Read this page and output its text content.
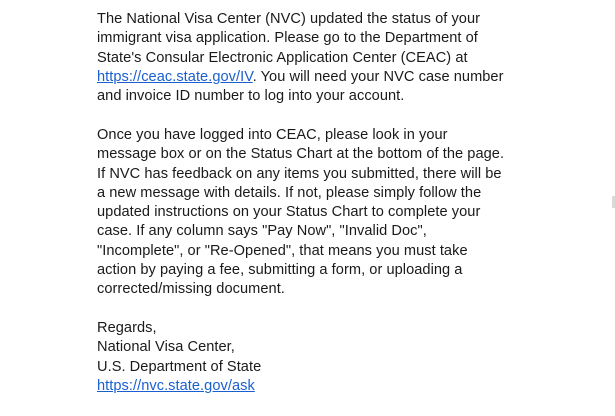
The National Visa Center (NVC) updated the status of your
immigrant visa application. Please go to the Department of
State's Consular Electronic Application Center (CEAC) at
https://ceac.state.gov/IV. You will need your NVC case number
and invoice ID number to log into your account.

Once you have logged into CEAC, please look in your
message box or on the Status Chart at the bottom of the page.
If NVC has feedback on any items you submitted, there will be
a new message with details. If not, please simply follow the
updated instructions on your Status Chart to complete your
case. If any column says "Pay Now", "Invalid Doc",
"Incomplete", or "Re-Opened", that means you must take
action by paying a fee, submitting a form, or uploading a
corrected/missing document.

Regards,
National Visa Center,
U.S. Department of State
https://nvc.state.gov/ask
